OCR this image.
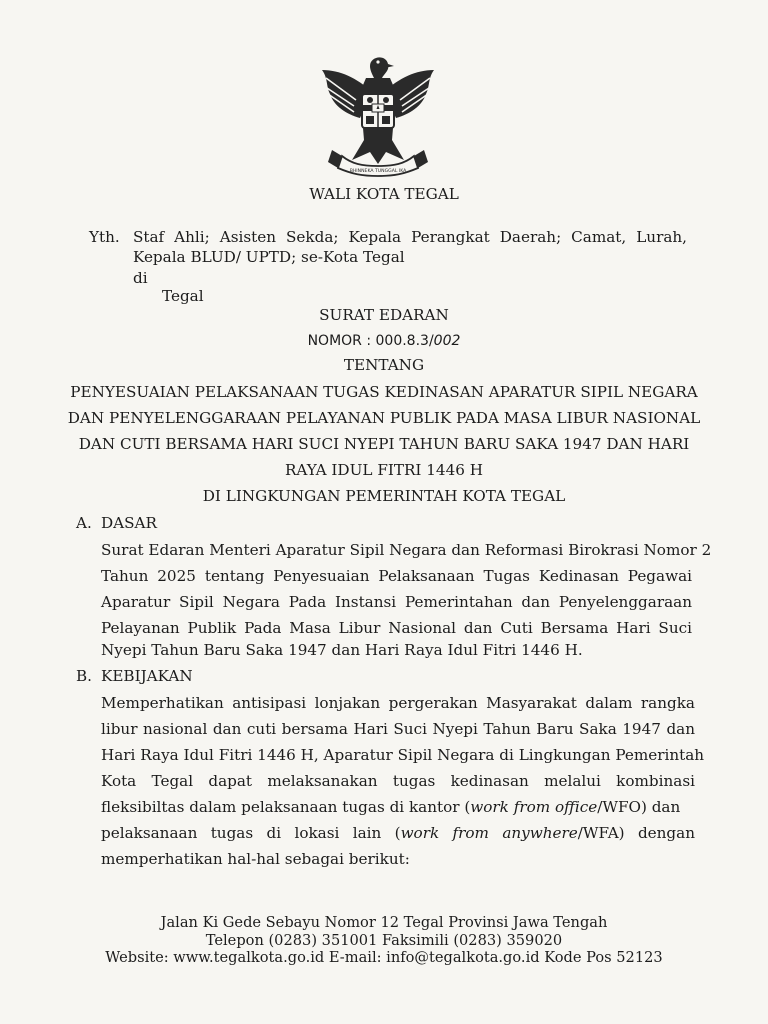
BHINNEKA TUNGGAL IKA
WALI KOTA TEGAL
Yth. Staf Ahli; Asisten Sekda; Kepala Perangkat Daerah; Camat, Lurah,
Kepala BLUD/ UPTD; se-Kota Tegal
di
Tegal
SURAT EDARAN
NOMOR : 000.8.3/002
TENTANG
PENYESUAIAN PELAKSANAAN TUGAS KEDINASAN APARATUR SIPIL NEGARA
DAN PENYELENGGARAAN PELAYANAN PUBLIK PADA MASA LIBUR NASIONAL
DAN CUTI BERSAMA HARI SUCI NYEPI TAHUN BARU SAKA 1947 DAN HARI
RAYA IDUL FITRI 1446 H
DI LINGKUNGAN PEMERINTAH KOTA TEGAL
A. DASAR
Surat Edaran Menteri Aparatur Sipil Negara dan Reformasi Birokrasi Nomor 2
Tahun 2025 tentang Penyesuaian Pelaksanaan Tugas Kedinasan Pegawai
Aparatur Sipil Negara Pada Instansi Pemerintahan dan Penyelenggaraan
Pelayanan Publik Pada Masa Libur Nasional dan Cuti Bersama Hari Suci
Nyepi Tahun Baru Saka 1947 dan Hari Raya Idul Fitri 1446 H.
B. KEBIJAKAN
Memperhatikan antisipasi lonjakan pergerakan Masyarakat dalam rangka
libur nasional dan cuti bersama Hari Suci Nyepi Tahun Baru Saka 1947 dan
Hari Raya Idul Fitri 1446 H, Aparatur Sipil Negara di Lingkungan Pemerintah
Kota Tegal dapat melaksanakan tugas kedinasan melalui kombinasi
fleksibiltas dalam pelaksanaan tugas di kantor (work from office/WFO) dan
pelaksanaan tugas di lokasi lain (work from anywhere/WFA) dengan
memperhatikan hal-hal sebagai berikut:
Jalan Ki Gede Sebayu Nomor 12 Tegal Provinsi Jawa Tengah
Telepon (0283) 351001 Faksimili (0283) 359020
Website: www.tegalkota.go.id E-mail: info@tegalkota.go.id Kode Pos 52123
